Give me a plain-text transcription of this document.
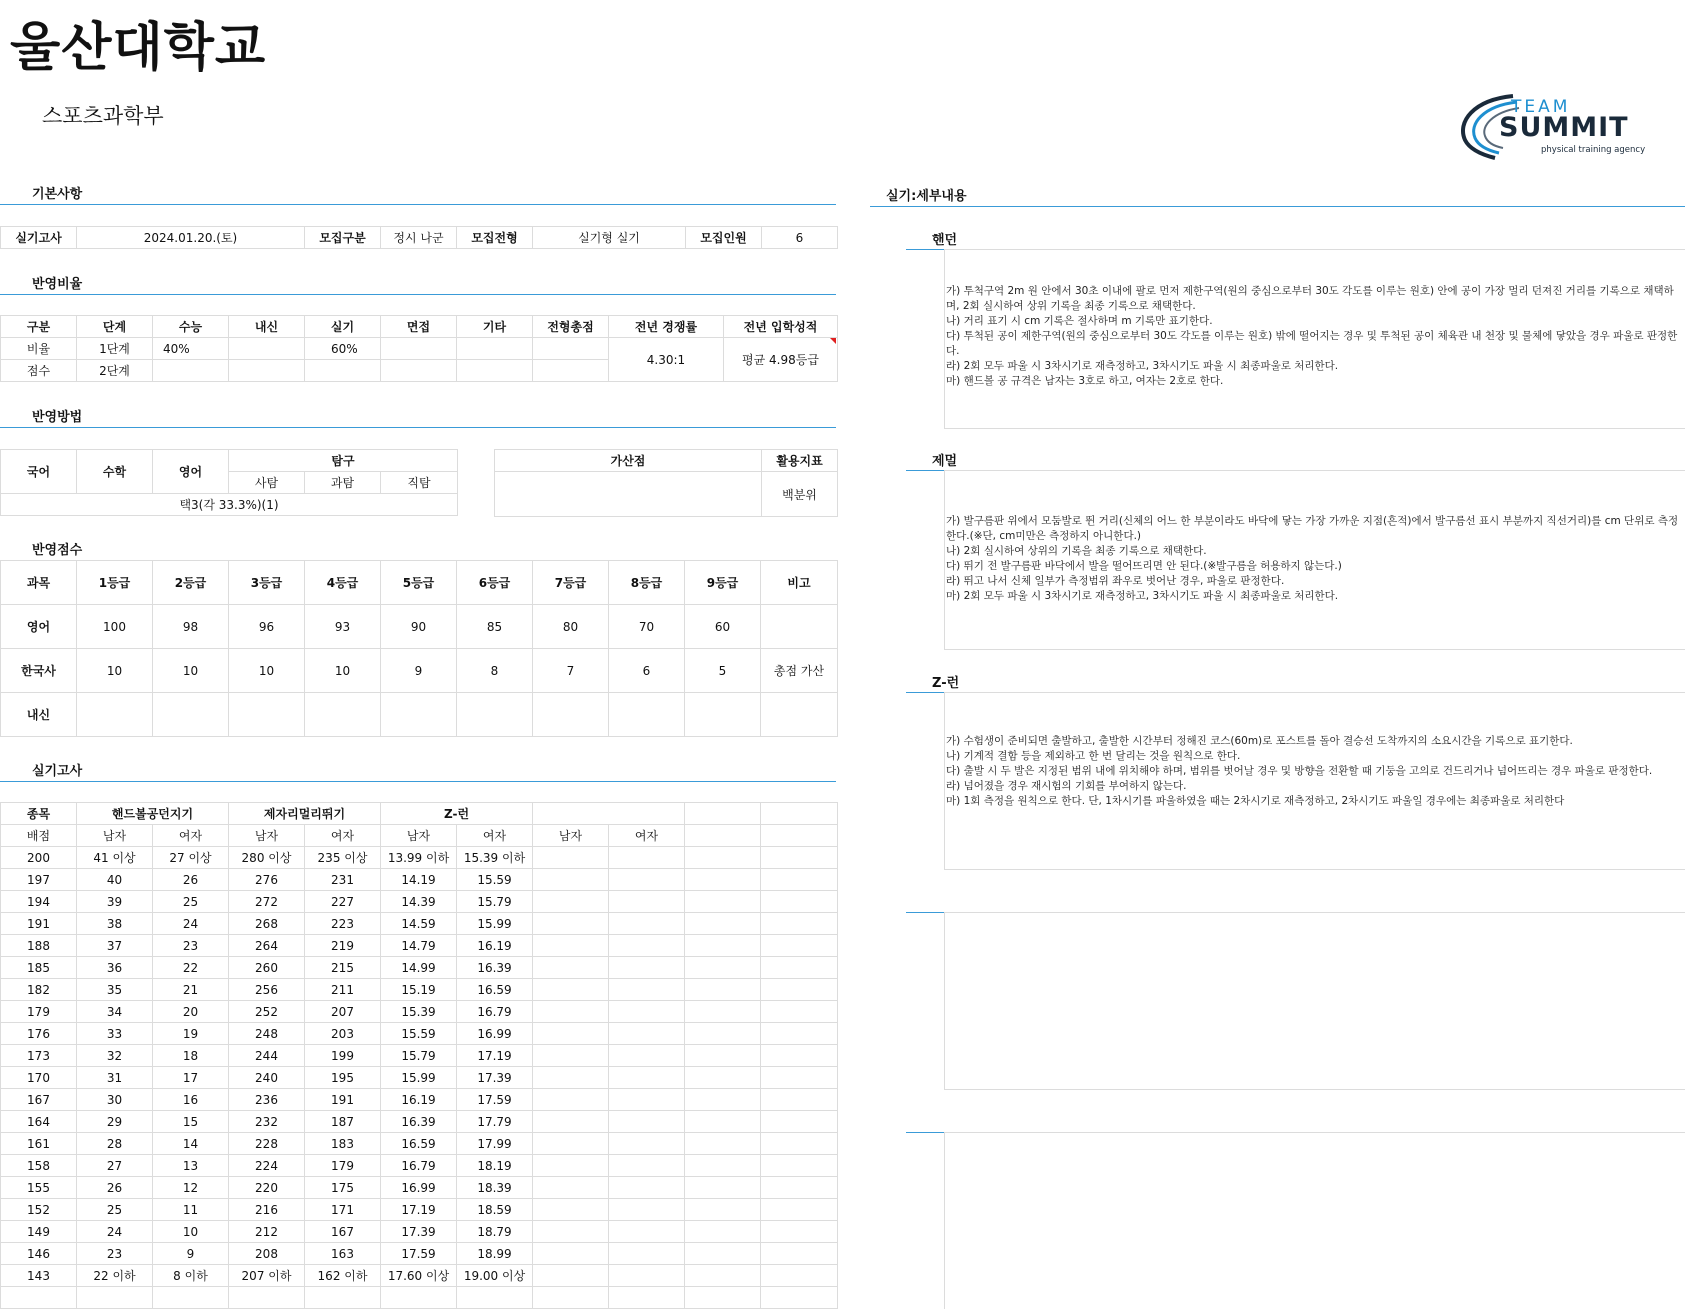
울산대학교
스포츠과학부	TEAM
SUMMIT
physical training agency
기본사항
반영비율
반영방법
반영점수
실기고사
실기:세부내용
실기고사	2024.01.20.(토)	모집구분	정시 나군	모집전형	실기형 실기	모집인원	6
구분	단계	수능	내신	실기	면접	기타	전형총점	전년 경쟁률	전년 입학성적
비율	1단계	40%		60%				4.30:1	평균 4.98등급
점수	2단계								
국어	수학	영어	탐구		
			사탐	과탐	직탐
택3(각 33.3%)(1)					
가산점	활용지표
	백분위

과목	1등급	2등급	3등급	4등급	5등급	6등급	7등급	8등급	9등급	비고
영어	100	98	96	93	90	85	80	70	60	
한국사	10	10	10	10	9	8	7	6	5	총점 가산
내신										
종목	핸드볼공던지기		제자리멀리뛰기		Z-런					
배점	남자	여자	남자	여자	남자	여자	남자	여자		
200	41 이상	27 이상	280 이상	235 이상	13.99 이하	15.39 이하				
197	40	26	276	231	14.19	15.59				
194	39	25	272	227	14.39	15.79				
191	38	24	268	223	14.59	15.99				
188	37	23	264	219	14.79	16.19				
185	36	22	260	215	14.99	16.39				
182	35	21	256	211	15.19	16.59				
179	34	20	252	207	15.39	16.79				
176	33	19	248	203	15.59	16.99				
173	32	18	244	199	15.79	17.19				
170	31	17	240	195	15.99	17.39				
167	30	16	236	191	16.19	17.59				
164	29	15	232	187	16.39	17.79				
161	28	14	228	183	16.59	17.99				
158	27	13	224	179	16.79	18.19				
155	26	12	220	175	16.99	18.39				
152	25	11	216	171	17.19	18.59				
149	24	10	212	167	17.39	18.79				
146	23	9	208	163	17.59	18.99				
143	22 이하	8 이하	207 이하	162 이하	17.60 이상	19.00 이상				

핸던
가) 투척구역 2m 원 안에서 30초 이내에 팔로 먼저 제한구역(원의 중심으로부터 30도 각도를 이루는 원호) 안에 공이 가장 멀리 던져진 거리를 기록으로 채택하며, 2회 실시하여 상위 기록을 최종 기록으로 채택한다.
나) 거리 표기 시 cm 기록은 절사하며 m 기록만 표기한다.
다) 투척된 공이 제한구역(원의 중심으로부터 30도 각도를 이루는 원호) 밖에 떨어지는 경우 및 투척된 공이 체육관 내 천장 및 물체에 닿았을 경우 파울로 판정한다.
라) 2회 모두 파울 시 3차시기로 재측정하고, 3차시기도 파울 시 최종파울로 처리한다.
마) 핸드볼 공 규격은 남자는 3호로 하고, 여자는 2호로 한다.
제멀
가) 발구름판 위에서 모둠발로 뛴 거리(신체의 어느 한 부분이라도 바닥에 닿는 가장 가까운 지점(흔적)에서 발구름선 표시 부분까지 직선거리)를 cm 단위로 측정한다.(※단, cm미만은 측정하지 아니한다.)
나) 2회 실시하여 상위의 기록을 최종 기록으로 채택한다.
다) 뛰기 전 발구름판 바닥에서 발을 떨어뜨리면 안 된다.(※발구름을 허용하지 않는다.)
라) 뛰고 나서 신체 일부가 측정범위 좌우로 벗어난 경우, 파울로 판정한다.
마) 2회 모두 파울 시 3차시기로 재측정하고, 3차시기도 파울 시 최종파울로 처리한다.
Z-런
가) 수험생이 준비되면 출발하고, 출발한 시간부터 정해진 코스(60m)로 포스트를 돌아 결승선 도착까지의 소요시간을 기록으로 표기한다.
나) 기계적 결함 등을 제외하고 한 번 달리는 것을 원칙으로 한다.
다) 출발 시 두 발은 지정된 범위 내에 위치해야 하며, 범위를 벗어날 경우 및 방향을 전환할 때 기둥을 고의로 건드리거나 넘어뜨리는 경우 파울로 판정한다.
라) 넘어졌을 경우 재시험의 기회를 부여하지 않는다.
마) 1회 측정을 원칙으로 한다. 단, 1차시기를 파울하였을 때는 2차시기로 재측정하고, 2차시기도 파울일 경우에는 최종파울로 처리한다
